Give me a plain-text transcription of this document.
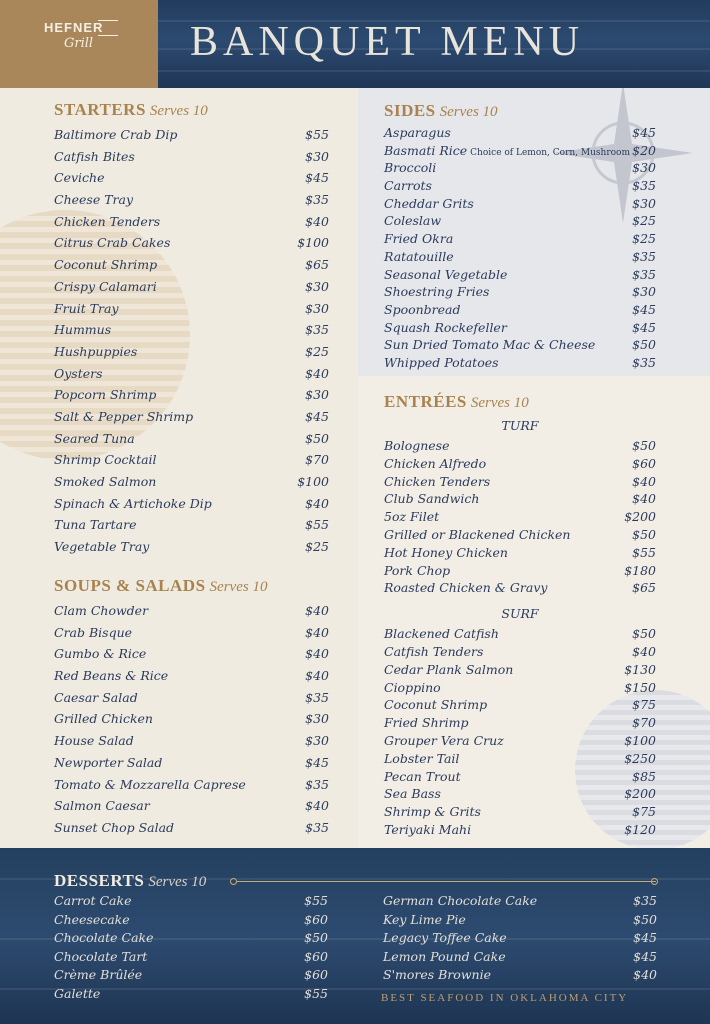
HEFNER
Grill BANQUET MENU
STARTERS Serves 10
Baltimore Crab Dip	$55
Catfish Bites	$30
Ceviche	$45
Cheese Tray	$35
Chicken Tenders	$40
Citrus Crab Cakes	$100
Coconut Shrimp	$65
Crispy Calamari	$30
Fruit Tray	$30
Hummus	$35
Hushpuppies	$25
Oysters	$40
Popcorn Shrimp	$30
Salt & Pepper Shrimp	$45
Seared Tuna	$50
Shrimp Cocktail	$70
Smoked Salmon	$100
Spinach & Artichoke Dip	$40
Tuna Tartare	$55
Vegetable Tray	$25
SOUPS & SALADS Serves 10
Clam Chowder	$40
Crab Bisque	$40
Gumbo & Rice	$40
Red Beans & Rice	$40
Caesar Salad	$35
Grilled Chicken	$30
House Salad	$30
Newporter Salad	$45
Tomato & Mozzarella Caprese	$35
Salmon Caesar	$40
Sunset Chop Salad	$35
SIDES Serves 10
Asparagus	$45
Basmati Rice Choice of Lemon, Corn, Mushroom $20
Broccoli	$30
Carrots	$35
Cheddar Grits	$30
Coleslaw	$25
Fried Okra	$25
Ratatouille	$35
Seasonal Vegetable	$35
Shoestring Fries	$30
Spoonbread	$45
Squash Rockefeller	$45
Sun Dried Tomato Mac & Cheese	$50
Whipped Potatoes	$35
ENTRÉES Serves 10
TURF
Bolognese	$50
Chicken Alfredo	$60
Chicken Tenders	$40
Club Sandwich	$40
5oz Filet	$200
Grilled or Blackened Chicken	$50
Hot Honey Chicken	$55
Pork Chop	$180
Roasted Chicken & Gravy	$65
SURF
Blackened Catfish	$50
Catfish Tenders	$40
Cedar Plank Salmon	$130
Cioppino	$150
Coconut Shrimp	$75
Fried Shrimp	$70
Grouper Vera Cruz	$100
Lobster Tail	$250
Pecan Trout	$85
Sea Bass	$200
Shrimp & Grits	$75
Teriyaki Mahi	$120
DESSERTS Serves 10
Carrot Cake	$55
Cheesecake	$60
Chocolate Cake	$50
Chocolate Tart	$60
Crème Brûlée	$60
Galette	$55
German Chocolate Cake	$35
Key Lime Pie	$50
Legacy Toffee Cake	$45
Lemon Pound Cake	$45
S'mores Brownie	$40
BEST SEAFOOD IN OKLAHOMA CITY
